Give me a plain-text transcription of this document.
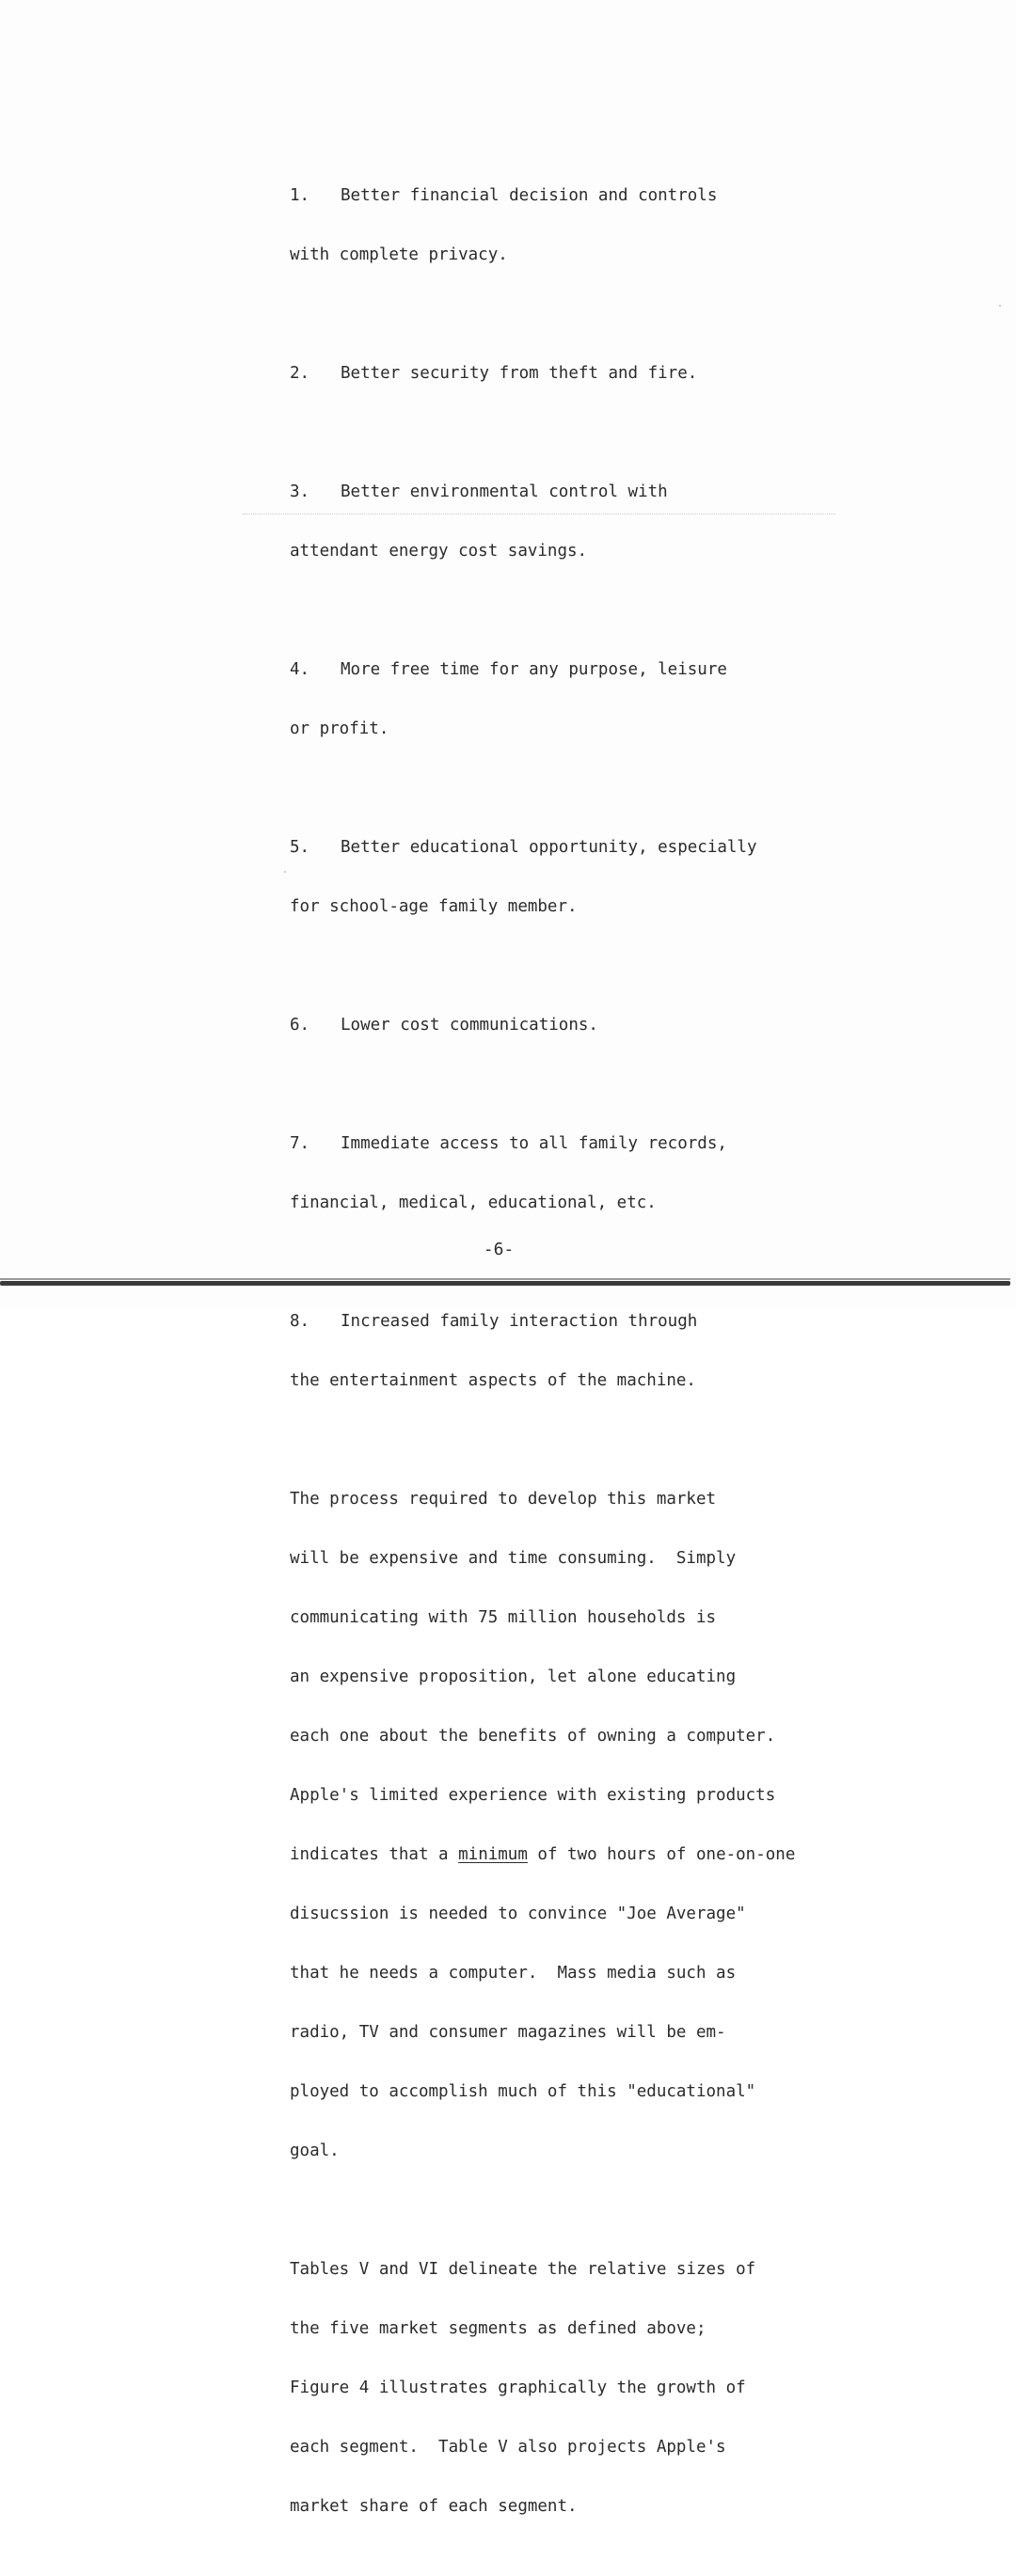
1. Better financial decision and controls

with complete privacy.

2. Better security from theft and fire.

3. Better environmental control with

attendant energy cost savings.

4. More free time for any purpose, leisure

or profit.

5. Better educational opportunity, especially

for school-age family member.

6. Lower cost communications.

7. Immediate access to all family records,

financial, medical, educational, etc.

8. Increased family interaction through

the entertainment aspects of the machine.

The process required to develop this market

will be expensive and time consuming.  Simply

communicating with 75 million households is

an expensive proposition, let alone educating

each one about the benefits of owning a computer.

Apple's limited experience with existing products

indicates that a minimum of two hours of one-on-one

disucssion is needed to convince "Joe Average"

that he needs a computer.  Mass media such as

radio, TV and consumer magazines will be em-

ployed to accomplish much of this "educational"

goal.

Tables V and VI delineate the relative sizes of

the five market segments as defined above;

Figure 4 illustrates graphically the growth of

each segment.  Table V also projects Apple's

market share of each segment.

-6-
